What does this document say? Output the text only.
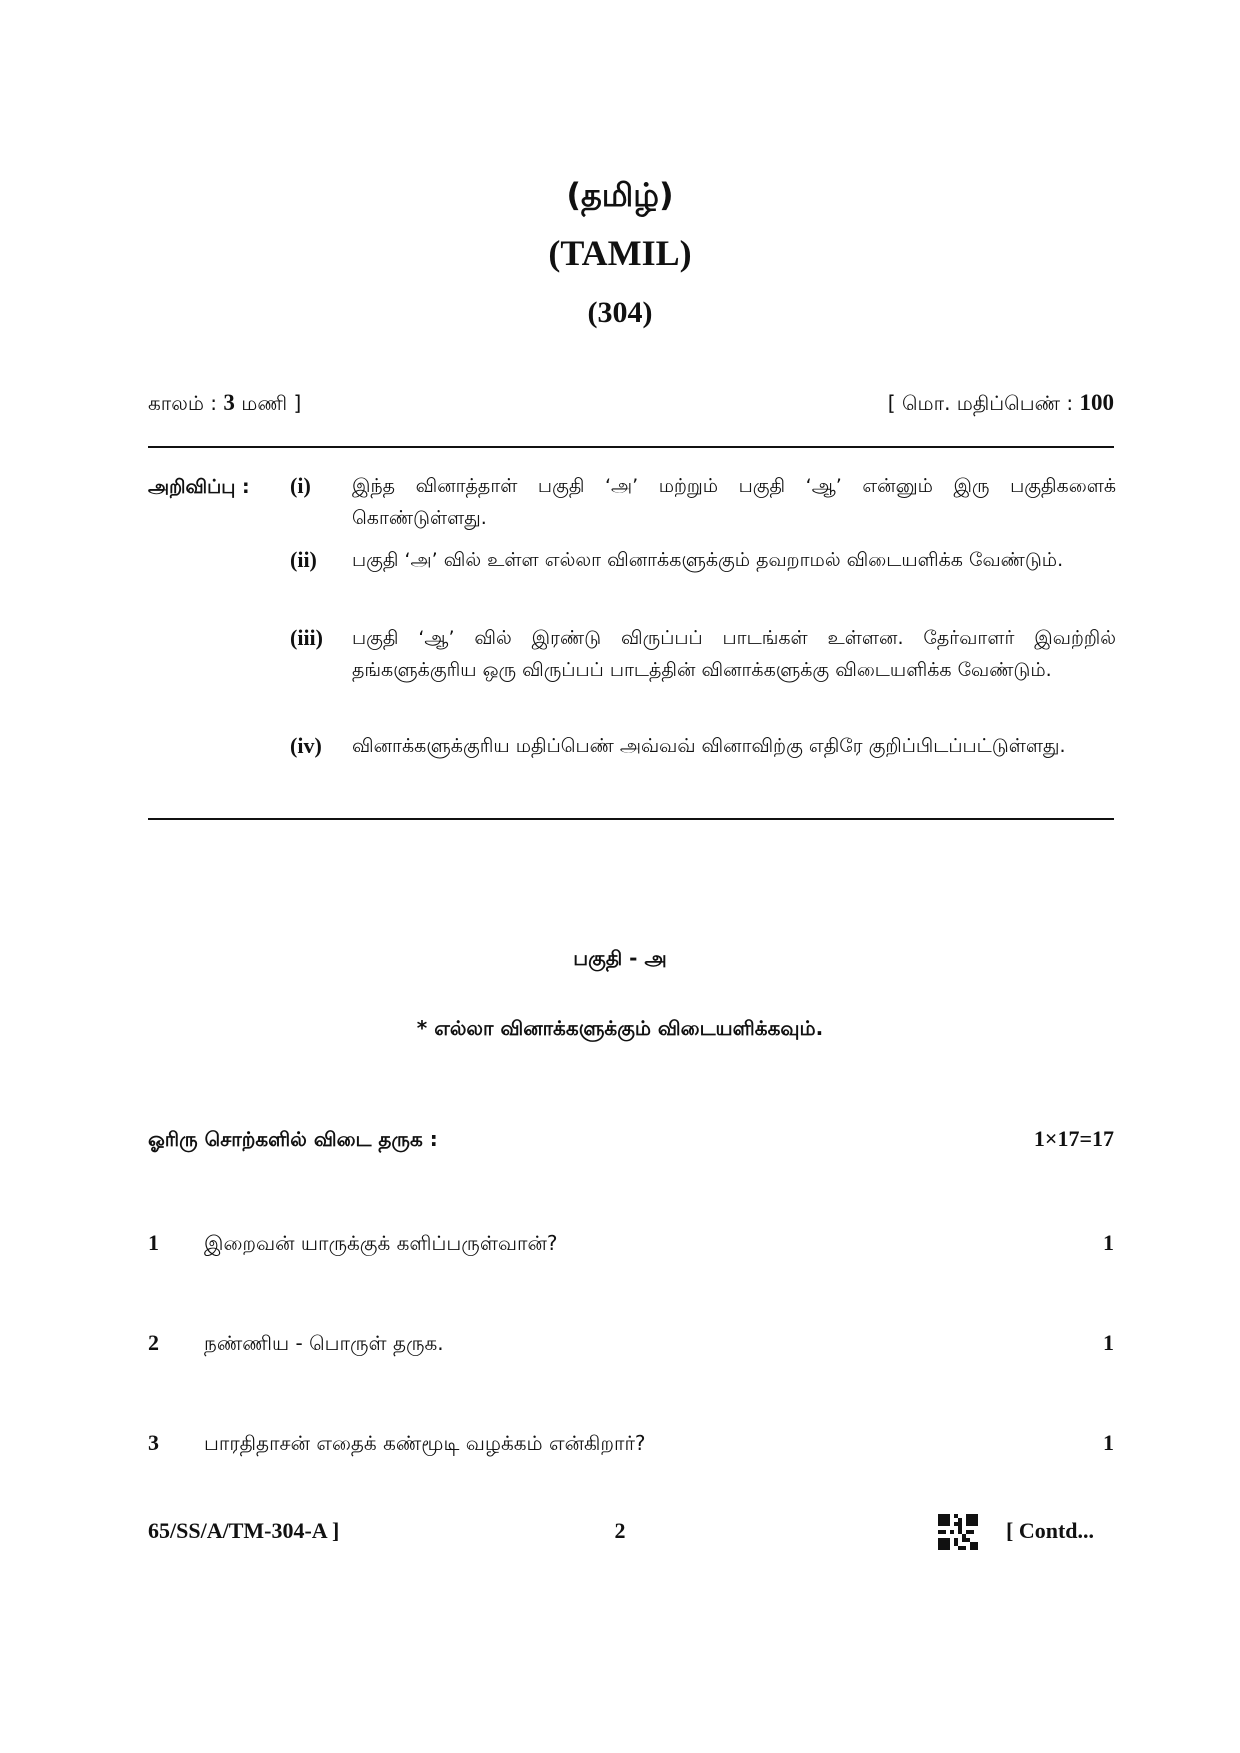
(தமிழ்)
(TAMIL)
(304)
காலம் : 3 மணி ]	[ மொ. மதிப்பெண் : 100
அறிவிப்பு : (i)	இந்த வினாத்தாள் பகுதி ‘அ’ மற்றும் பகுதி ‘ஆ’ என்னும் இரு பகுதிகளைக் கொண்டுள்ளது.
(ii)	பகுதி ‘அ’ வில் உள்ள எல்லா வினாக்களுக்கும் தவறாமல் விடையளிக்க வேண்டும்.
(iii)	பகுதி ‘ஆ’ வில் இரண்டு விருப்பப் பாடங்கள் உள்ளன. தேர்வாளர் இவற்றில் தங்களுக்குரிய ஒரு விருப்பப் பாடத்தின் வினாக்களுக்கு விடையளிக்க வேண்டும்.
(iv)	வினாக்களுக்குரிய மதிப்பெண் அவ்வவ் வினாவிற்கு எதிரே குறிப்பிடப்பட்டுள்ளது.
பகுதி - அ
* எல்லா வினாக்களுக்கும் விடையளிக்கவும்.
ஓரிரு சொற்களில் விடை தருக :	1×17=17
1	இறைவன் யாருக்குக் களிப்பருள்வான்?	1
2	நண்ணிய - பொருள் தருக.	1
3	பாரதிதாசன் எதைக் கண்மூடி வழக்கம் என்கிறார்?	1
65/SS/A/TM-304-A ]	2	[ Contd...
